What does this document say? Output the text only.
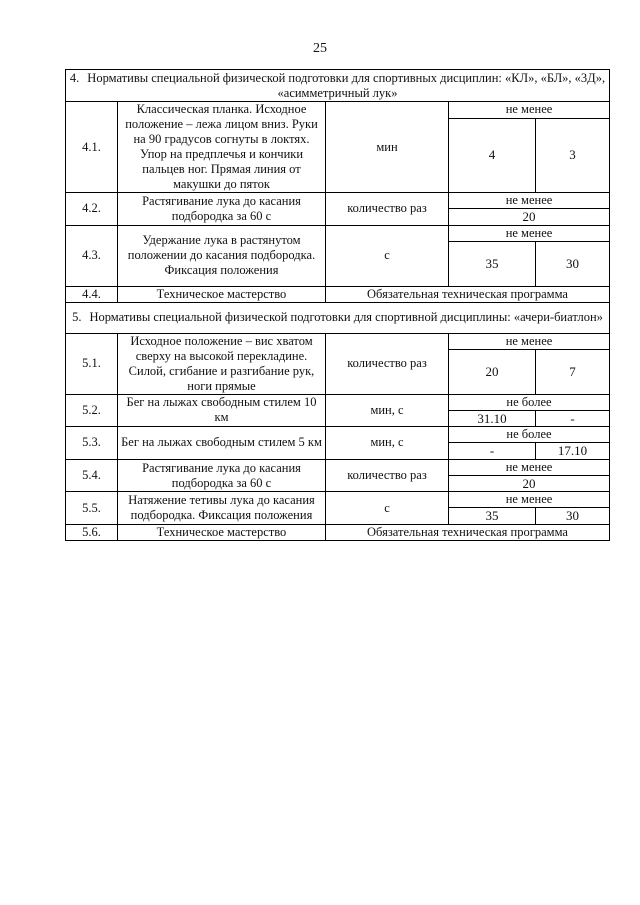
25
4. Нормативы специальной физической подготовки для спортивных дисциплин: «КЛ», «БЛ», «3Д», «асимметричный лук»				
4.1.	Классическая планка. Исходное положение – лежа лицом вниз. Руки на 90 градусов согнуты в локтях. Упор на предплечья и кончики пальцев ног. Прямая линия от макушки до пяток	мин	не менее	
			4	3
4.2.	Растягивание лука до касания подбородка за 60 с	количество раз	не менее	
			20	
4.3.	Удержание лука в растянутом положении до касания подбородка. Фиксация положения	с	не менее	
			35	30
4.4.	Техническое мастерство	Обязательная техническая программа		
5. Нормативы специальной физической подготовки для спортивной дисциплины: «ачери-биатлон»				
5.1.	Исходное положение – вис хватом сверху на высокой перекладине. Силой, сгибание и разгибание рук, ноги прямые	количество раз	не менее	
			20	7
5.2.	Бег на лыжах свободным стилем 10 км	мин, с	не более	
			31.10	-
5.3.	Бег на лыжах свободным стилем 5 км	мин, с	не более	
			-	17.10
5.4.	Растягивание лука до касания подбородка за 60 с	количество раз	не менее	
			20	
5.5.	Натяжение тетивы лука до касания подбородка. Фиксация положения	с	не менее	
			35	30
5.6.	Техническое мастерство	Обязательная техническая программа		
